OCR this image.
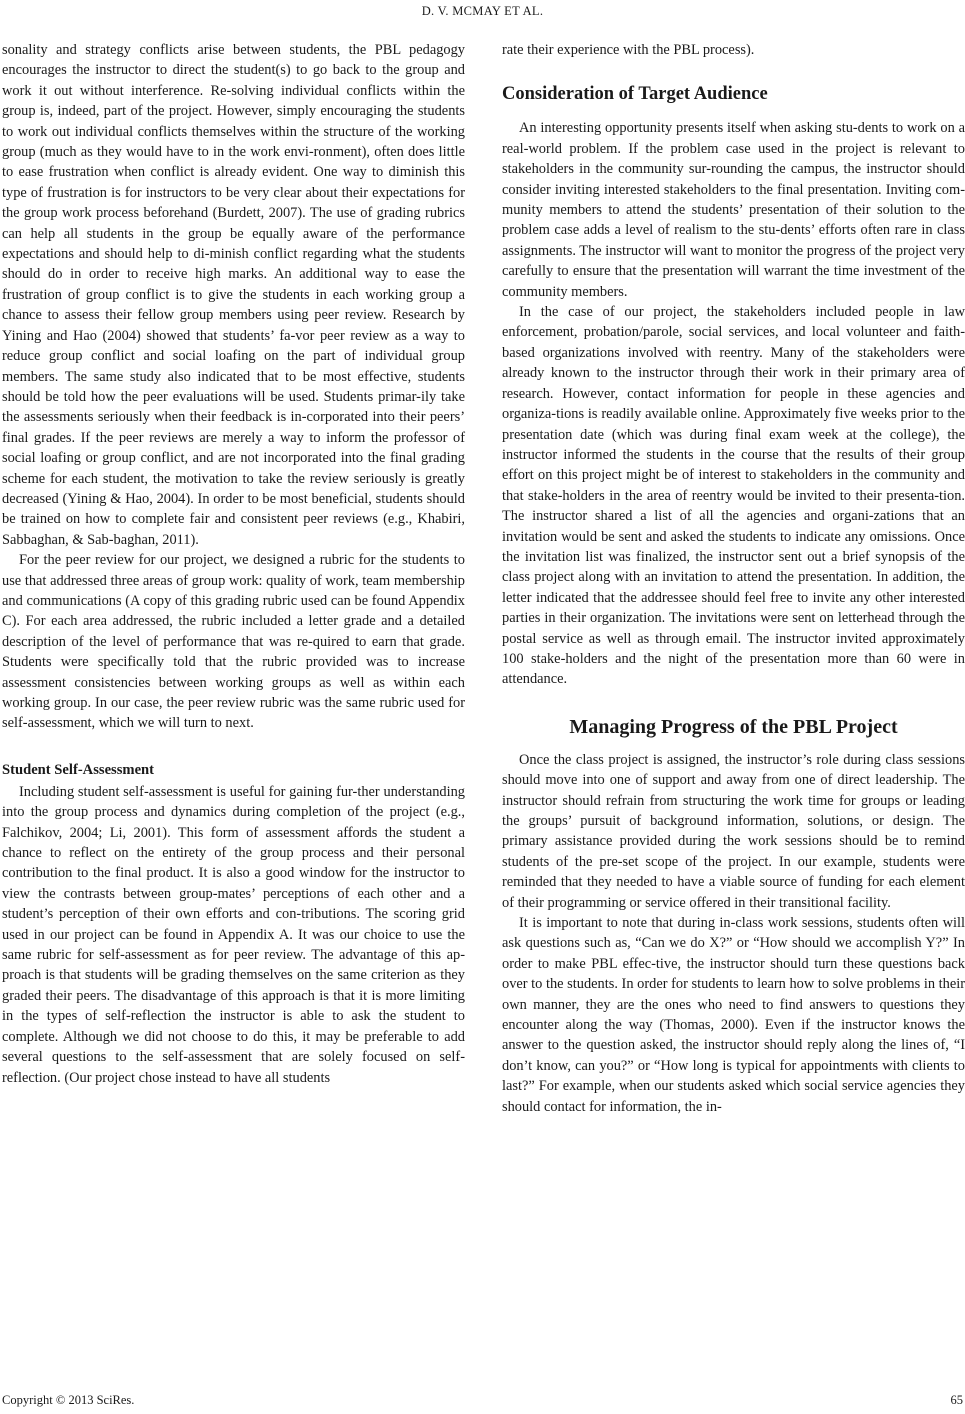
D. V. MCMAY ET AL.

sonality and strategy conflicts arise between students, the PBL pedagogy encourages the instructor to direct the student(s) to go back to the group and work it out without interference. Re-solving individual conflicts within the group is, indeed, part of the project. However, simply encouraging the students to work out individual conflicts themselves within the structure of the working group (much as they would have to in the work envi-ronment), often does little to ease frustration when conflict is already evident. One way to diminish this type of frustration is for instructors to be very clear about their expectations for the group work process beforehand (Burdett, 2007). The use of grading rubrics can help all students in the group be equally aware of the performance expectations and should help to di-minish conflict regarding what the students should do in order to receive high marks. An additional way to ease the frustration of group conflict is to give the students in each working group a chance to assess their fellow group members using peer review. Research by Yining and Hao (2004) showed that students’ fa-vor peer review as a way to reduce group conflict and social loafing on the part of individual group members. The same study also indicated that to be most effective, students should be told how the peer evaluations will be used. Students primar-ily take the assessments seriously when their feedback is in-corporated into their peers’ final grades. If the peer reviews are merely a way to inform the professor of social loafing or group conflict, and are not incorporated into the final grading scheme for each student, the motivation to take the review seriously is greatly decreased (Yining & Hao, 2004). In order to be most beneficial, students should be trained on how to complete fair and consistent peer reviews (e.g., Khabiri, Sabbaghan, & Sab-baghan, 2011).

For the peer review for our project, we designed a rubric for the students to use that addressed three areas of group work: quality of work, team membership and communications (A copy of this grading rubric used can be found Appendix C). For each area addressed, the rubric included a letter grade and a detailed description of the level of performance that was re-quired to earn that grade. Students were specifically told that the rubric provided was to increase assessment consistencies between working groups as well as within each working group. In our case, the peer review rubric was the same rubric used for self-assessment, which we will turn to next.

Student Self-Assessment

Including student self-assessment is useful for gaining fur-ther understanding into the group process and dynamics during completion of the project (e.g., Falchikov, 2004; Li, 2001). This form of assessment affords the student a chance to reflect on the entirety of the group process and their personal contribution to the final product. It is also a good window for the instructor to view the contrasts between group-mates’ perceptions of each other and a student’s perception of their own efforts and con-tributions. The scoring grid used in our project can be found in Appendix A. It was our choice to use the same rubric for self-assessment as for peer review. The advantage of this ap-proach is that students will be grading themselves on the same criterion as they graded their peers. The disadvantage of this approach is that it is more limiting in the types of self-reflection the instructor is able to ask the student to complete. Although we did not choose to do this, it may be preferable to add several questions to the self-assessment that are solely focused on self-reflection. (Our project chose instead to have all students

rate their experience with the PBL process).

Consideration of Target Audience

An interesting opportunity presents itself when asking stu-dents to work on a real-world problem. If the problem case used in the project is relevant to stakeholders in the community sur-rounding the campus, the instructor should consider inviting interested stakeholders to the final presentation. Inviting com-munity members to attend the students’ presentation of their solution to the problem case adds a level of realism to the stu-dents’ efforts often rare in class assignments. The instructor will want to monitor the progress of the project very carefully to ensure that the presentation will warrant the time investment of the community members.

In the case of our project, the stakeholders included people in law enforcement, probation/parole, social services, and local volunteer and faith-based organizations involved with reentry. Many of the stakeholders were already known to the instructor through their work in their primary area of research. However, contact information for people in these agencies and organiza-tions is readily available online. Approximately five weeks prior to the presentation date (which was during final exam week at the college), the instructor informed the students in the course that the results of their group effort on this project might be of interest to stakeholders in the community and that stake-holders in the area of reentry would be invited to their presenta-tion. The instructor shared a list of all the agencies and organi-zations that an invitation would be sent and asked the students to indicate any omissions. Once the invitation list was finalized, the instructor sent out a brief synopsis of the class project along with an invitation to attend the presentation. In addition, the letter indicated that the addressee should feel free to invite any other interested parties in their organization. The invitations were sent on letterhead through the postal service as well as through email. The instructor invited approximately 100 stake-holders and the night of the presentation more than 60 were in attendance.

Managing Progress of the PBL Project

Once the class project is assigned, the instructor’s role during class sessions should move into one of support and away from one of direct leadership. The instructor should refrain from structuring the work time for groups or leading the groups’ pursuit of background information, solutions, or design. The primary assistance provided during the work sessions should be to remind students of the pre-set scope of the project. In our example, students were reminded that they needed to have a viable source of funding for each element of their programming or service offered in their transitional facility.

It is important to note that during in-class work sessions, students often will ask questions such as, “Can we do X?” or “How should we accomplish Y?” In order to make PBL effec-tive, the instructor should turn these questions back over to the students. In order for students to learn how to solve problems in their own manner, they are the ones who need to find answers to questions they encounter along the way (Thomas, 2000). Even if the instructor knows the answer to the question asked, the instructor should reply along the lines of, “I don’t know, can you?” or “How long is typical for appointments with clients to last?” For example, when our students asked which social service agencies they should contact for information, the in-

Copyright © 2013 SciRes.	65
